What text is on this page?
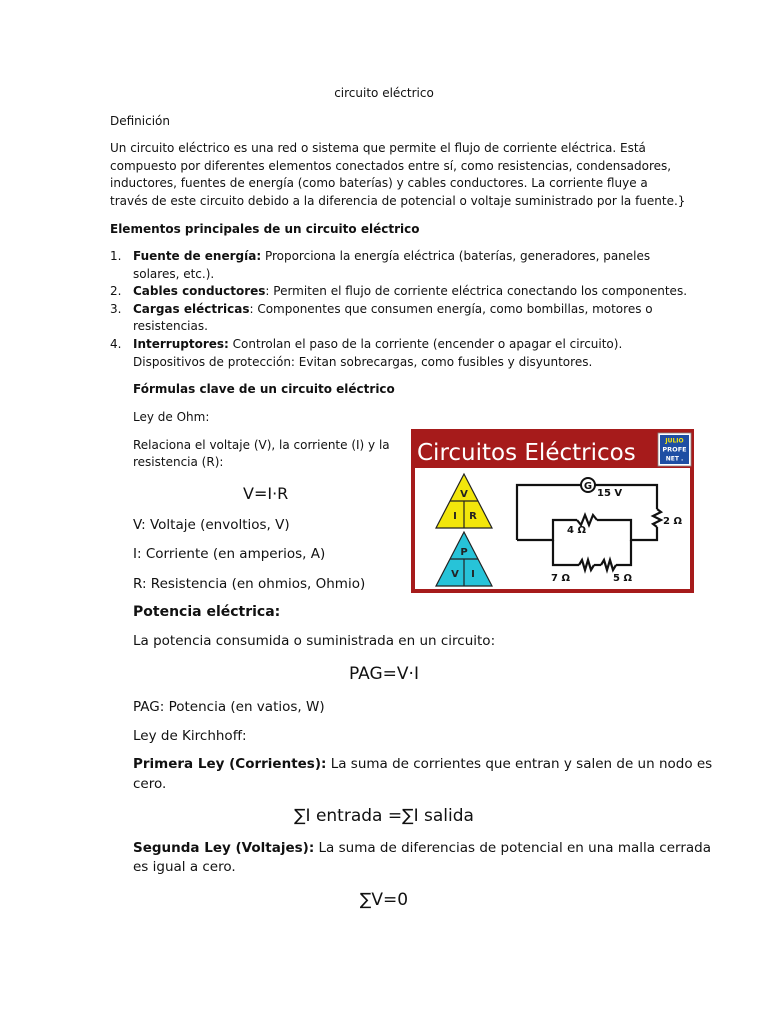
circuito eléctrico
Definición
Un circuito eléctrico es una red o sistema que permite el flujo de corriente eléctrica. Está
compuesto por diferentes elementos conectados entre sí, como resistencias, condensadores,
inductores, fuentes de energía (como baterías) y cables conductores. La corriente fluye a
través de este circuito debido a la diferencia de potencial o voltaje suministrado por la fuente.}
Elementos principales de un circuito eléctrico
1. Fuente de energía: Proporciona la energía eléctrica (baterías, generadores, paneles
solares, etc.).
2. Cables conductores: Permiten el flujo de corriente eléctrica conectando los componentes.
3. Cargas eléctricas: Componentes que consumen energía, como bombillas, motores o
resistencias.
4. Interruptores: Controlan el paso de la corriente (encender o apagar el circuito).
Dispositivos de protección: Evitan sobrecargas, como fusibles y disyuntores.
Fórmulas clave de un circuito eléctrico
Ley de Ohm:
Relaciona el voltaje (V), la corriente (I) y la
resistencia (R):
V=I·R
V: Voltaje (envoltios, V)
I: Corriente (en amperios, A)
R: Resistencia (en ohmios, Ohmio)
Potencia eléctrica:
La potencia consumida o suministrada en un circuito:
PAG=V·I
PAG: Potencia (en vatios, W)
Ley de Kirchhoff:
Primera Ley (Corrientes): La suma de corrientes que entran y salen de un nodo es
cero.
∑I entrada =∑I salida
Segunda Ley (Voltajes): La suma de diferencias de potencial en una malla cerrada
es igual a cero.
∑V=0
Circuitos Eléctricos	JULIO
PROFE
NET .
V
I R
P
V I
G
15 V
2 Ω
4 Ω
7 Ω	5 Ω
